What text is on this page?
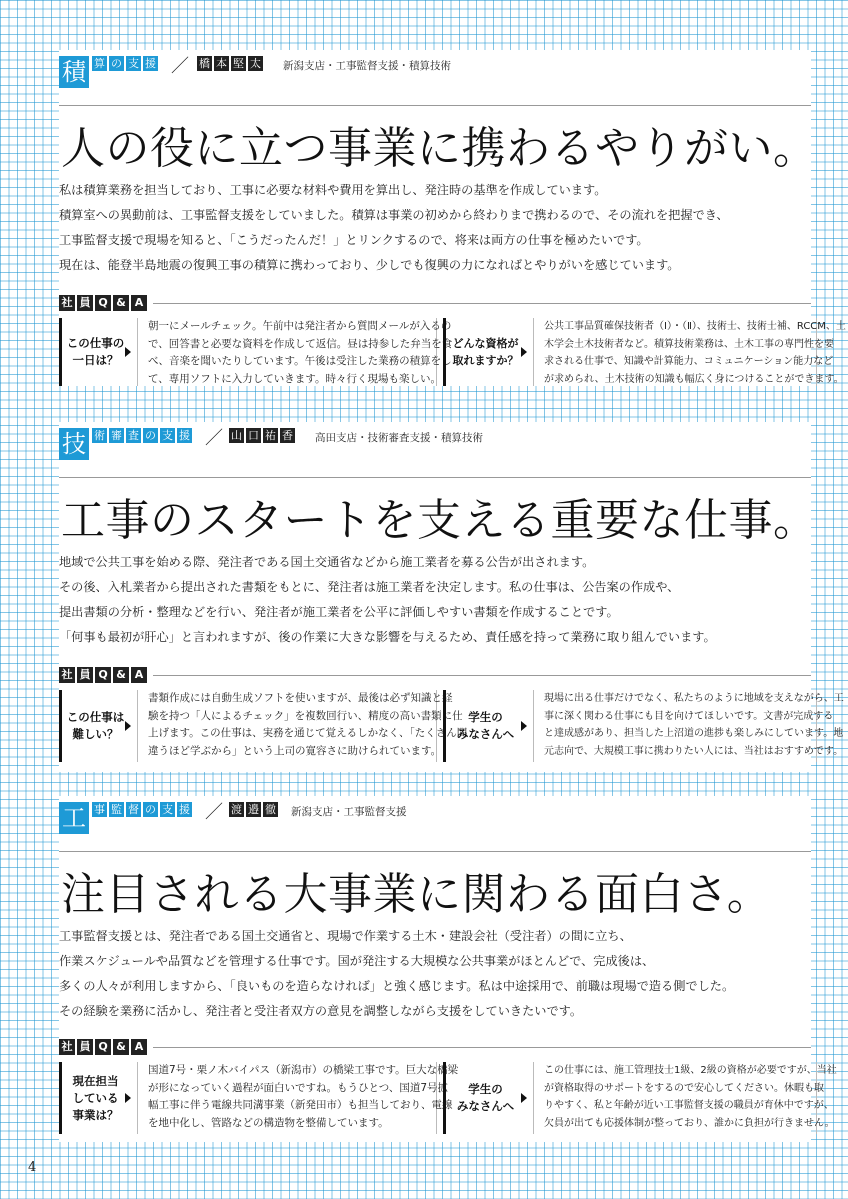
積 算 の 支 援 ／ 橋 本 堅 太 新潟支店・工事監督支援・積算技術
人の役に立つ事業に携わるやりがい。

私は積算業務を担当しており、工事に必要な材料や費用を算出し、発注時の基準を作成しています。

積算室への異動前は、工事監督支援をしていました。積算は事業の初めから終わりまで携わるので、その流れを把握でき、

工事監督支援で現場を知ると、「こうだったんだ！」とリンクするので、将来は両方の仕事を極めたいです。

現在は、能登半島地震の復興工事の積算に携わっており、少しでも復興の力になればとやりがいを感じています。

社 員 Q & A
この仕事の
一日は？
朝一にメールチェック。午前中は発注者から質問メールが入るの
で、回答書と必要な資料を作成して返信。昼は持参した弁当を食
べ、音楽を聞いたりしています。午後は受注した業務の積算をし
て、専用ソフトに入力していきます。時々行く現場も楽しい。
どんな資格が
取れますか？
公共工事品質確保技術者（Ⅰ）・（Ⅱ）、技術士、技術士補、RCCM、土
木学会土木技術者など。積算技術業務は、土木工事の専門性を要
求される仕事で、知識や計算能力、コミュニケーション能力など
が求められ、土木技術の知識も幅広く身につけることができます。
技 術 審 査 の 支 援 ／ 山 口 祐 香 高田支店・技術審査支援・積算技術
工事のスタートを支える重要な仕事。

地域で公共工事を始める際、発注者である国土交通省などから施工業者を募る公告が出されます。

その後、入札業者から提出された書類をもとに、発注者は施工業者を決定します。私の仕事は、公告案の作成や、

提出書類の分析・整理などを行い、発注者が施工業者を公平に評価しやすい書類を作成することです。

「何事も最初が肝心」と言われますが、後の作業に大きな影響を与えるため、責任感を持って業務に取り組んでいます。

社 員 Q & A
この仕事は
難しい？
書類作成には自動生成ソフトを使いますが、最後は必ず知識と経
験を持つ「人によるチェック」を複数回行い、精度の高い書類に仕
上げます。この仕事は、実務を通じて覚えるしかなく、「たくさん間
違うほど学ぶから」という上司の寛容さに助けられています。
学生の
みなさんへ
現場に出る仕事だけでなく、私たちのように地域を支えながら、工
事に深く関わる仕事にも目を向けてほしいです。文書が完成する
と達成感があり、担当した上沼道の進捗も楽しみにしています。地
元志向で、大規模工事に携わりたい人には、当社はおすすめです。
工 事 監 督 の 支 援 ／ 渡 邉 徹 新潟支店・工事監督支援
注目される大事業に関わる面白さ。

工事監督支援とは、発注者である国土交通省と、現場で作業する土木・建設会社（受注者）の間に立ち、

作業スケジュールや品質などを管理する仕事です。国が発注する大規模な公共事業がほとんどで、完成後は、

多くの人々が利用しますから、「良いものを造らなければ」と強く感じます。私は中途採用で、前職は現場で造る側でした。

その経験を業務に活かし、発注者と受注者双方の意見を調整しながら支援をしていきたいです。

社 員 Q & A
現在担当
している
事業は？
国道7号・栗ノ木バイパス（新潟市）の橋梁工事です。巨大な橋梁
が形になっていく過程が面白いですね。もうひとつ、国道7号拡
幅工事に伴う電線共同溝事業（新発田市）も担当しており、電線
を地中化し、管路などの構造物を整備しています。
学生の
みなさんへ
この仕事には、施工管理技士1級、2級の資格が必要ですが、当社
が資格取得のサポートをするので安心してください。休暇も取
りやすく、私と年齢が近い工事監督支援の職員が育休中ですが、
欠員が出ても応援体制が整っており、誰かに負担が行きません。
4
